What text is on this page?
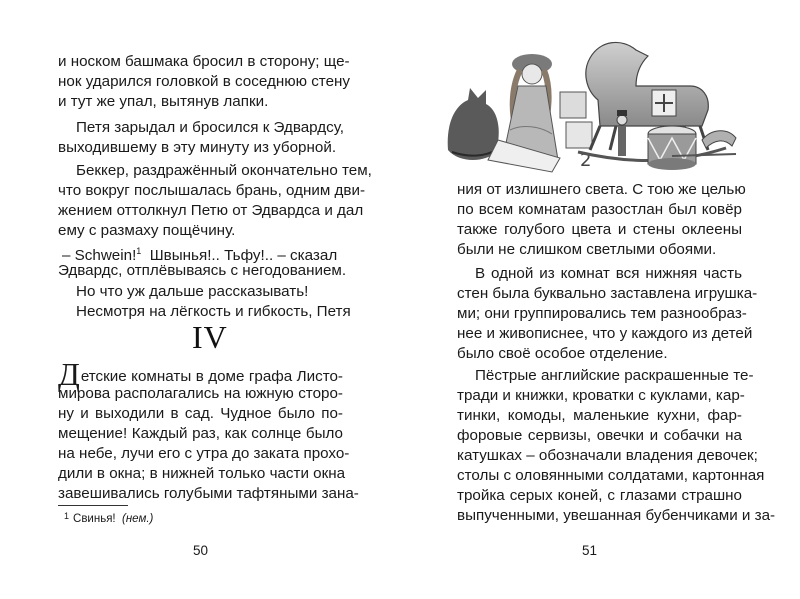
и носком башмака бросил в сторону; ще-
нок ударился головкой в соседнюю стену
и тут же упал, вытянув лапки.
Петя зарыдал и бросился к Эдвардсу,
выходившему в эту минуту из уборной.
Беккер, раздражённый окончательно тем,
что вокруг послышалась брань, одним дви-
жением оттолкнул Петю от Эдвардса и дал
ему с размаху пощёчину.
– Schwein!$^1$ Швынья!.. Тьфу!.. – сказал
Эдвардс, отплёвываясь с негодованием.
Но что уж дальше рассказывать!
Несмотря на лёгкость и гибкость, Петя
IV
Детские комнаты в доме графа Листо-
мирова располагались на южную сторо-
ну и выходили в сад. Чудное было по-
мещение! Каждый раз, как солнце было
на небе, лучи его с утра до заката прохо-
дили в окна; в нижней только части окна
завешивались голубыми тафтяными зана-
$^1$ Свинья! (нем.)
50
2
ния от излишнего света. С тою же целью
по всем комнатам разостлан был ковёр
также голубого цвета и стены оклеены
были не слишком светлыми обоями.
В одной из комнат вся нижняя часть
стен была буквально заставлена игрушка-
ми; они группировались тем разнообраз-
нее и живописнее, что у каждого из детей
было своё особое отделение.
Пёстрые английские раскрашенные те-
тради и книжки, кроватки с куклами, кар-
тинки, комоды, маленькие кухни, фар-
форовые сервизы, овечки и собачки на
катушках – обозначали владения девочек;
столы с оловянными солдатами, картонная
тройка серых коней, с глазами страшно
выпученными, увешанная бубенчиками и за-
51
